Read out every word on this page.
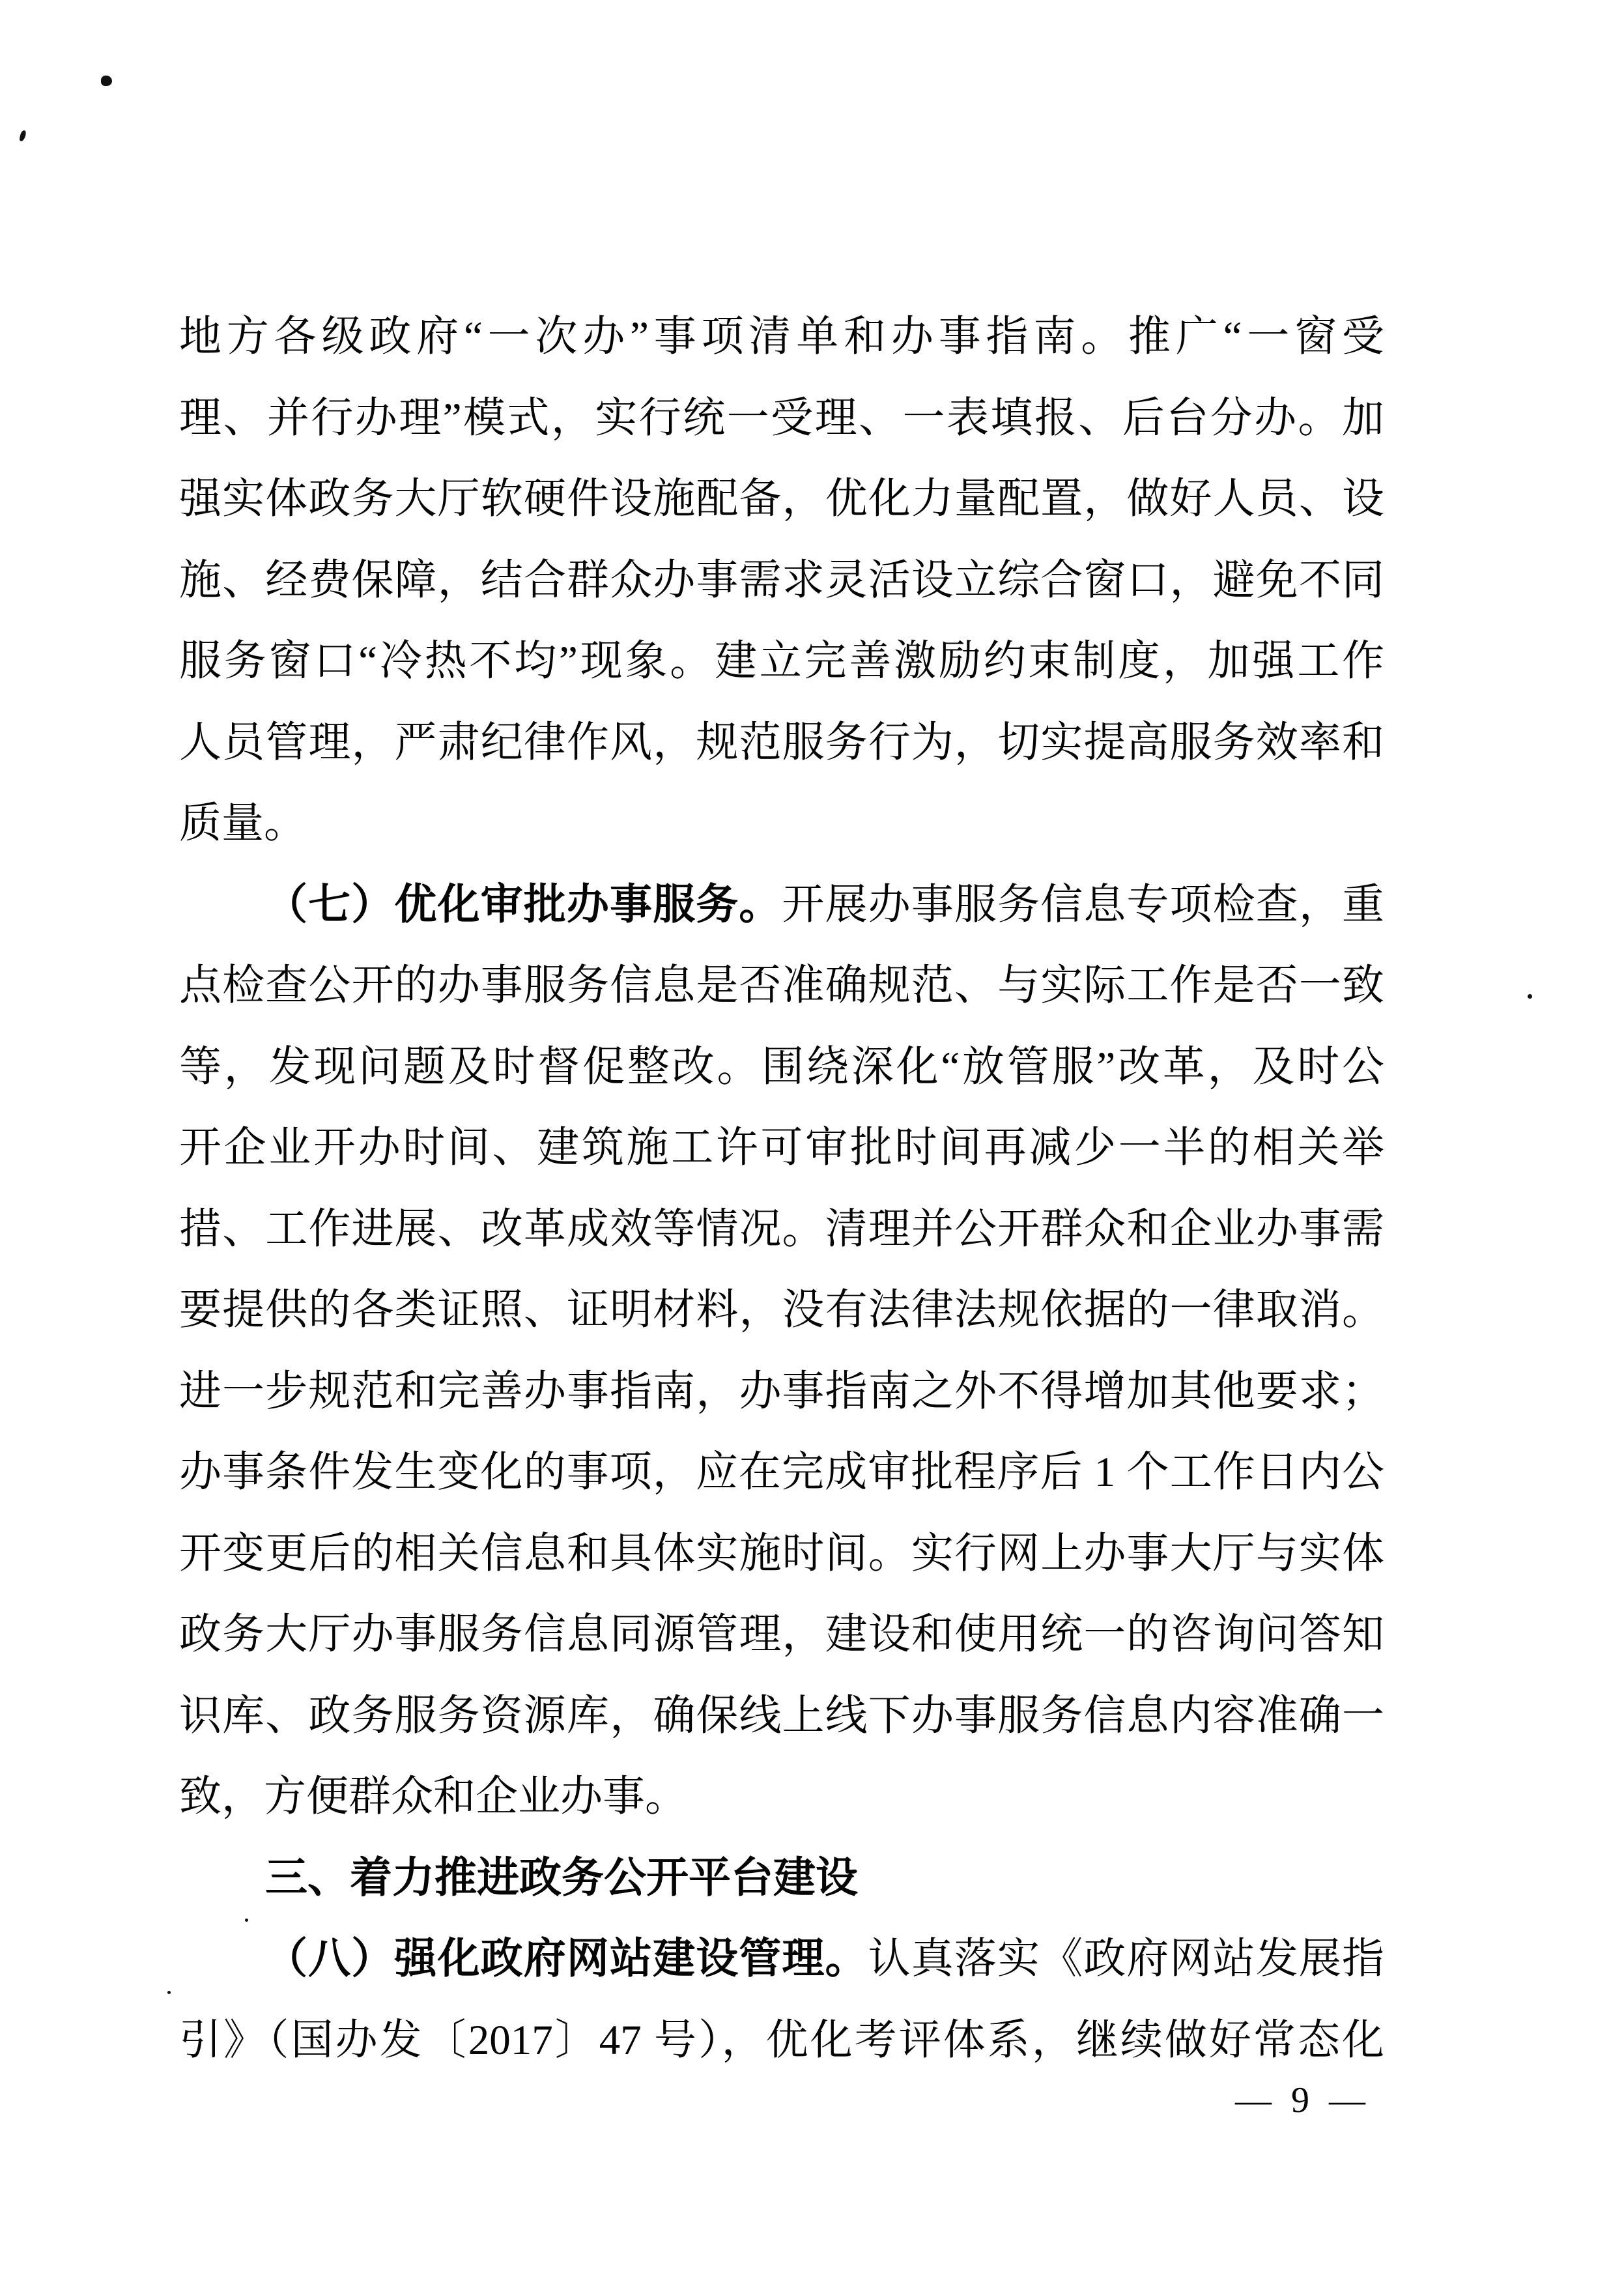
地方各级政府“一次办”事项清单和办事指南。推广“一窗受
理、并行办理”模式，实行统一受理、一表填报、后台分办。加
强实体政务大厅软硬件设施配备，优化力量配置，做好人员、设
施、经费保障，结合群众办事需求灵活设立综合窗口，避免不同
服务窗口“冷热不均”现象。建立完善激励约束制度，加强工作
人员管理，严肃纪律作风，规范服务行为，切实提高服务效率和
质量。
（七）优化审批办事服务。开展办事服务信息专项检查，重
点检查公开的办事服务信息是否准确规范、与实际工作是否一致
等，发现问题及时督促整改。围绕深化“放管服”改革，及时公
开企业开办时间、建筑施工许可审批时间再减少一半的相关举
措、工作进展、改革成效等情况。清理并公开群众和企业办事需
要提供的各类证照、证明材料，没有法律法规依据的一律取消。
进一步规范和完善办事指南，办事指南之外不得增加其他要求；
办事条件发生变化的事项，应在完成审批程序后 1 个工作日内公
开变更后的相关信息和具体实施时间。实行网上办事大厅与实体
政务大厅办事服务信息同源管理，建设和使用统一的咨询问答知
识库、政务服务资源库，确保线上线下办事服务信息内容准确一
致，方便群众和企业办事。
三、着力推进政务公开平台建设
（八）强化政府网站建设管理。认真落实《政府网站发展指
引》（国办发〔2017〕47 号），优化考评体系，继续做好常态化
— 9 —
